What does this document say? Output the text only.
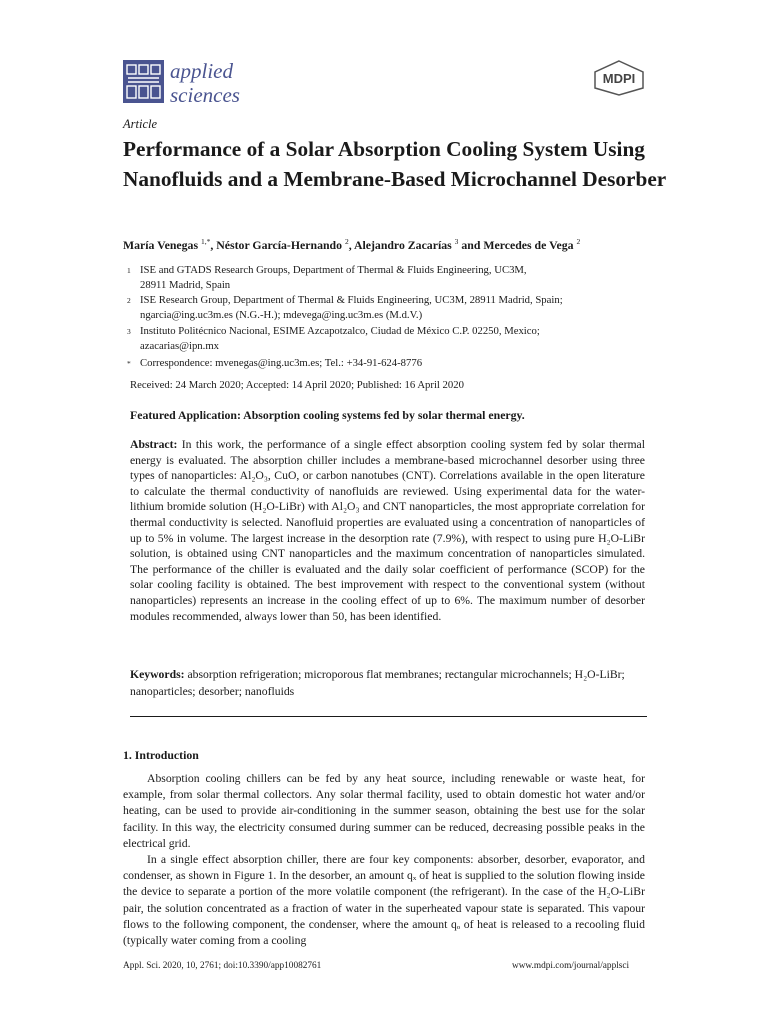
applied
sciences
MDPI
Article
Performance of a Solar Absorption Cooling System Using Nanofluids and a Membrane-Based Microchannel Desorber
María Venegas $^{1,*}$, Néstor García-Hernando $^2$, Alejandro Zacarías $^3$ and Mercedes de Vega $^2$
1 ISE and GTADS Research Groups, Department of Thermal & Fluids Engineering, UC3M,
28911 Madrid, Spain
2 ISE Research Group, Department of Thermal & Fluids Engineering, UC3M, 28911 Madrid, Spain;
ngarcia@ing.uc3m.es (N.G.-H.); mdevega@ing.uc3m.es (M.d.V.)
3 Instituto Politécnico Nacional, ESIME Azcapotzalco, Ciudad de México C.P. 02250, Mexico;
azacarias@ipn.mx
* Correspondence: mvenegas@ing.uc3m.es; Tel.: +34-91-624-8776
Received: 24 March 2020; Accepted: 14 April 2020; Published: 16 April 2020
Featured Application: Absorption cooling systems fed by solar thermal energy.
Abstract: In this work, the performance of a single effect absorption cooling system fed by solar thermal energy is evaluated. The absorption chiller includes a membrane-based microchannel desorber using three types of nanoparticles: Al₂O₃, CuO, or carbon nanotubes (CNT). Correlations available in the open literature to calculate the thermal conductivity of nanofluids are reviewed. Using experimental data for the water-lithium bromide solution (H₂O-LiBr) with Al₂O₃ and CNT nanoparticles, the most appropriate correlation for thermal conductivity is selected. Nanofluid properties are evaluated using a concentration of nanoparticles of up to 5% in volume. The largest increase in the desorption rate (7.9%), with respect to using pure H₂O-LiBr solution, is obtained using CNT nanoparticles and the maximum concentration of nanoparticles simulated. The performance of the chiller is evaluated and the daily solar coefficient of performance (SCOP) for the solar cooling facility is obtained. The best improvement with respect to the conventional system (without nanoparticles) represents an increase in the cooling effect of up to 6%. The maximum number of desorber modules recommended, always lower than 50, has been identified.
Keywords: absorption refrigeration; microporous flat membranes; rectangular microchannels; H₂O-LiBr; nanoparticles; desorber; nanofluids
1. Introduction
Absorption cooling chillers can be fed by any heat source, including renewable or waste heat, for example, from solar thermal collectors. Any solar thermal facility, used to obtain domestic hot water and/or heating, can be used to provide air-conditioning in the summer season, obtaining the best use for the solar facility. In this way, the electricity consumed during summer can be reduced, decreasing possible peaks in the electrical grid.
In a single effect absorption chiller, there are four key components: absorber, desorber, evaporator, and condenser, as shown in Figure 1. In the desorber, an amount qₓ of heat is supplied to the solution flowing inside the device to separate a portion of the more volatile component (the refrigerant). In the case of the H₂O-LiBr pair, the solution concentrated as a fraction of water in the superheated vapour state is separated. This vapour flows to the following component, the condenser, where the amount qₒ of heat is released to a recooling fluid (typically water coming from a cooling
Appl. Sci. 2020, 10, 2761; doi:10.3390/app10082761	www.mdpi.com/journal/applsci
